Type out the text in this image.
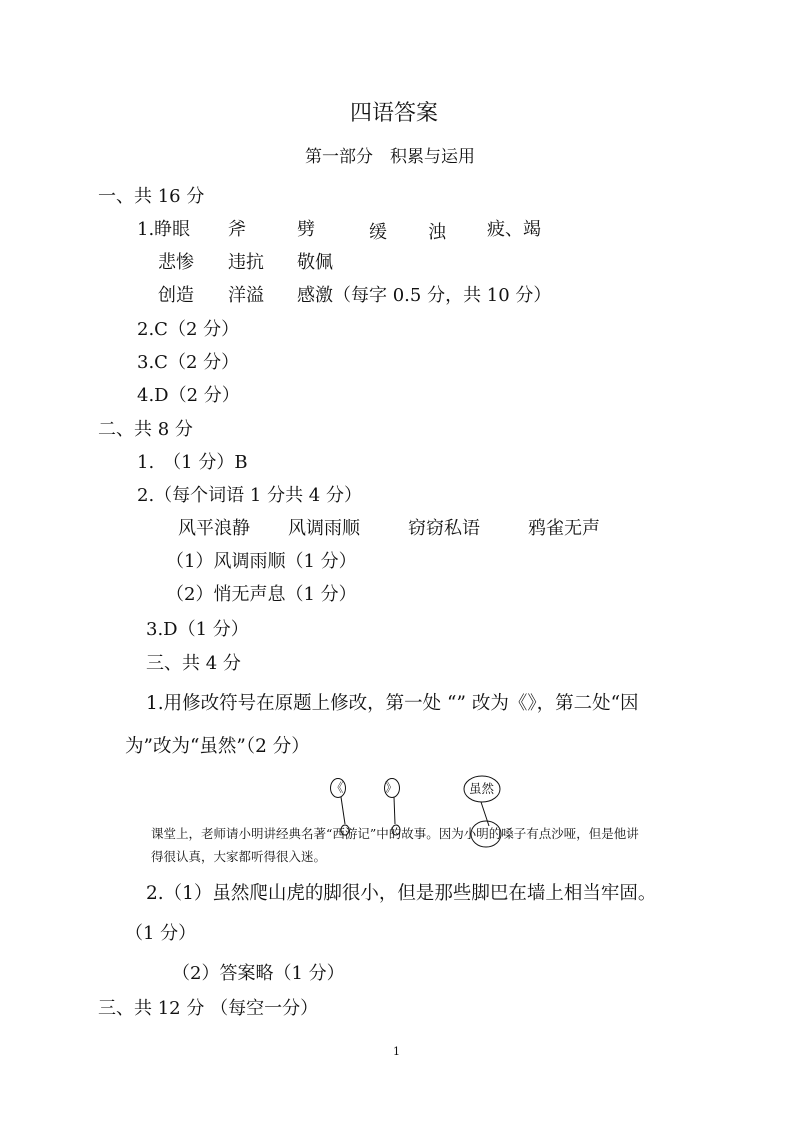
四语答案
第一部分　积累与运用
一、共 16 分
1.睁眼 斧	劈	缓 浊 疲、竭
悲惨 违抗 敬佩
创造 洋溢 感激（每字 0.5 分，共 10 分）
2.C（2 分）
3.C（2 分）
4.D（2 分）
二、共 8 分
1.　（1 分）B
2.（每个词语 1 分共 4 分）
风平浪静 风调雨顺	窃窃私语	鸦雀无声
（1）风调雨顺（1 分）
（2）悄无声息（1 分）
3.D（1 分）
三、共 4 分
1.用修改符号在原题上修改，第一处 “” 改为《》，第二处“因
为”改为“虽然”（2 分）
《	》	虽然
课堂上，老师请小明讲经典名著“西游记”中的故事。因为小明的嗓子有点沙哑，但是他讲
得很认真，大家都听得很入迷。
2.（1）虽然爬山虎的脚很小，但是那些脚巴在墙上相当牢固。
（1 分）
（2）答案略（1 分）
三、共 12 分 （每空一分）
1
